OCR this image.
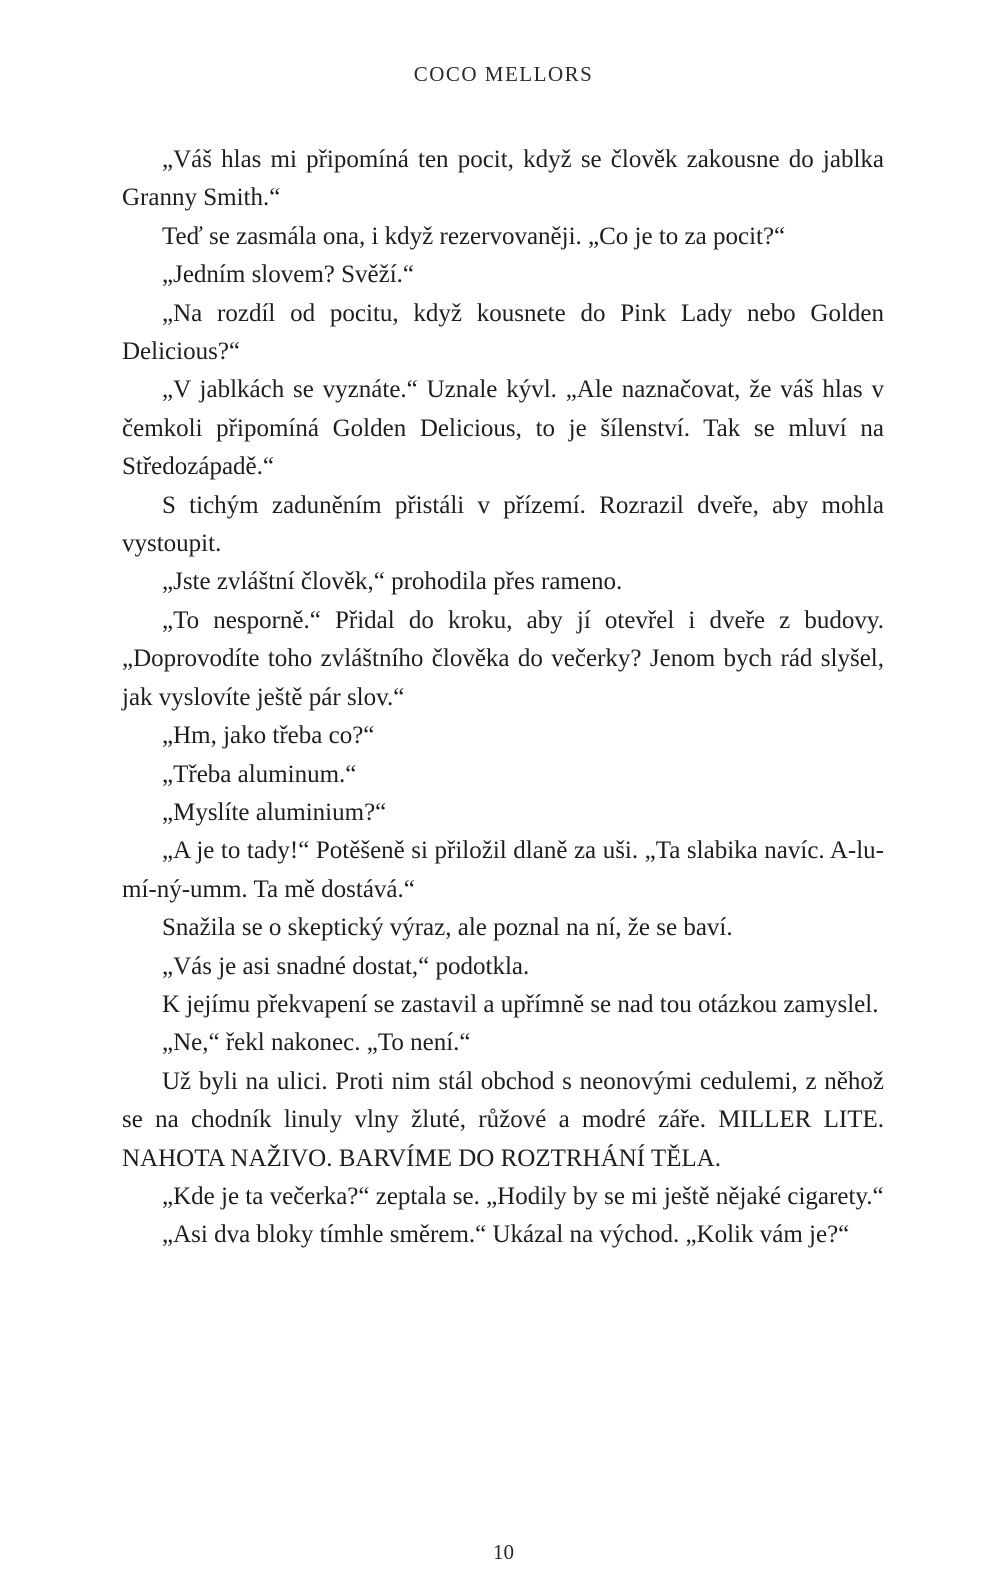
COCO MELLORS

„Váš hlas mi připomíná ten pocit, když se člověk zakousne do jablka Granny Smith.“

Teď se zasmála ona, i když rezervovaněji. „Co je to za pocit?“

„Jedním slovem? Svěží.“

„Na rozdíl od pocitu, když kousnete do Pink Lady nebo Golden Delicious?“

„V jablkách se vyznáte.“ Uznale kývl. „Ale naznačovat, že váš hlas v čemkoli připomíná Golden Delicious, to je šílenství. Tak se mluví na Středozápadě.“

S tichým zaduněním přistáli v přízemí. Rozrazil dveře, aby mohla vystoupit.

„Jste zvláštní člověk,“ prohodila přes rameno.

„To nesporně.“ Přidal do kroku, aby jí otevřel i dveře z budovy. „Doprovodíte toho zvláštního člověka do večerky? Jenom bych rád slyšel, jak vyslovíte ještě pár slov.“

„Hm, jako třeba co?“

„Třeba aluminum.“

„Myslíte aluminium?“

„A je to tady!“ Potěšeně si přiložil dlaně za uši. „Ta slabika navíc. A-lu-mí-ný-umm. Ta mě dostává.“

Snažila se o skeptický výraz, ale poznal na ní, že se baví.

„Vás je asi snadné dostat,“ podotkla.

K jejímu překvapení se zastavil a upřímně se nad tou otázkou zamyslel.

„Ne,“ řekl nakonec. „To není.“

Už byli na ulici. Proti nim stál obchod s neonovými cedulemi, z něhož se na chodník linuly vlny žluté, růžové a modré záře. MILLER LITE. NAHOTA NAŽIVO. BARVÍME DO ROZTRHÁNÍ TĚLA.

„Kde je ta večerka?“ zeptala se. „Hodily by se mi ještě nějaké cigarety.“

„Asi dva bloky tímhle směrem.“ Ukázal na východ. „Kolik vám je?“

10
